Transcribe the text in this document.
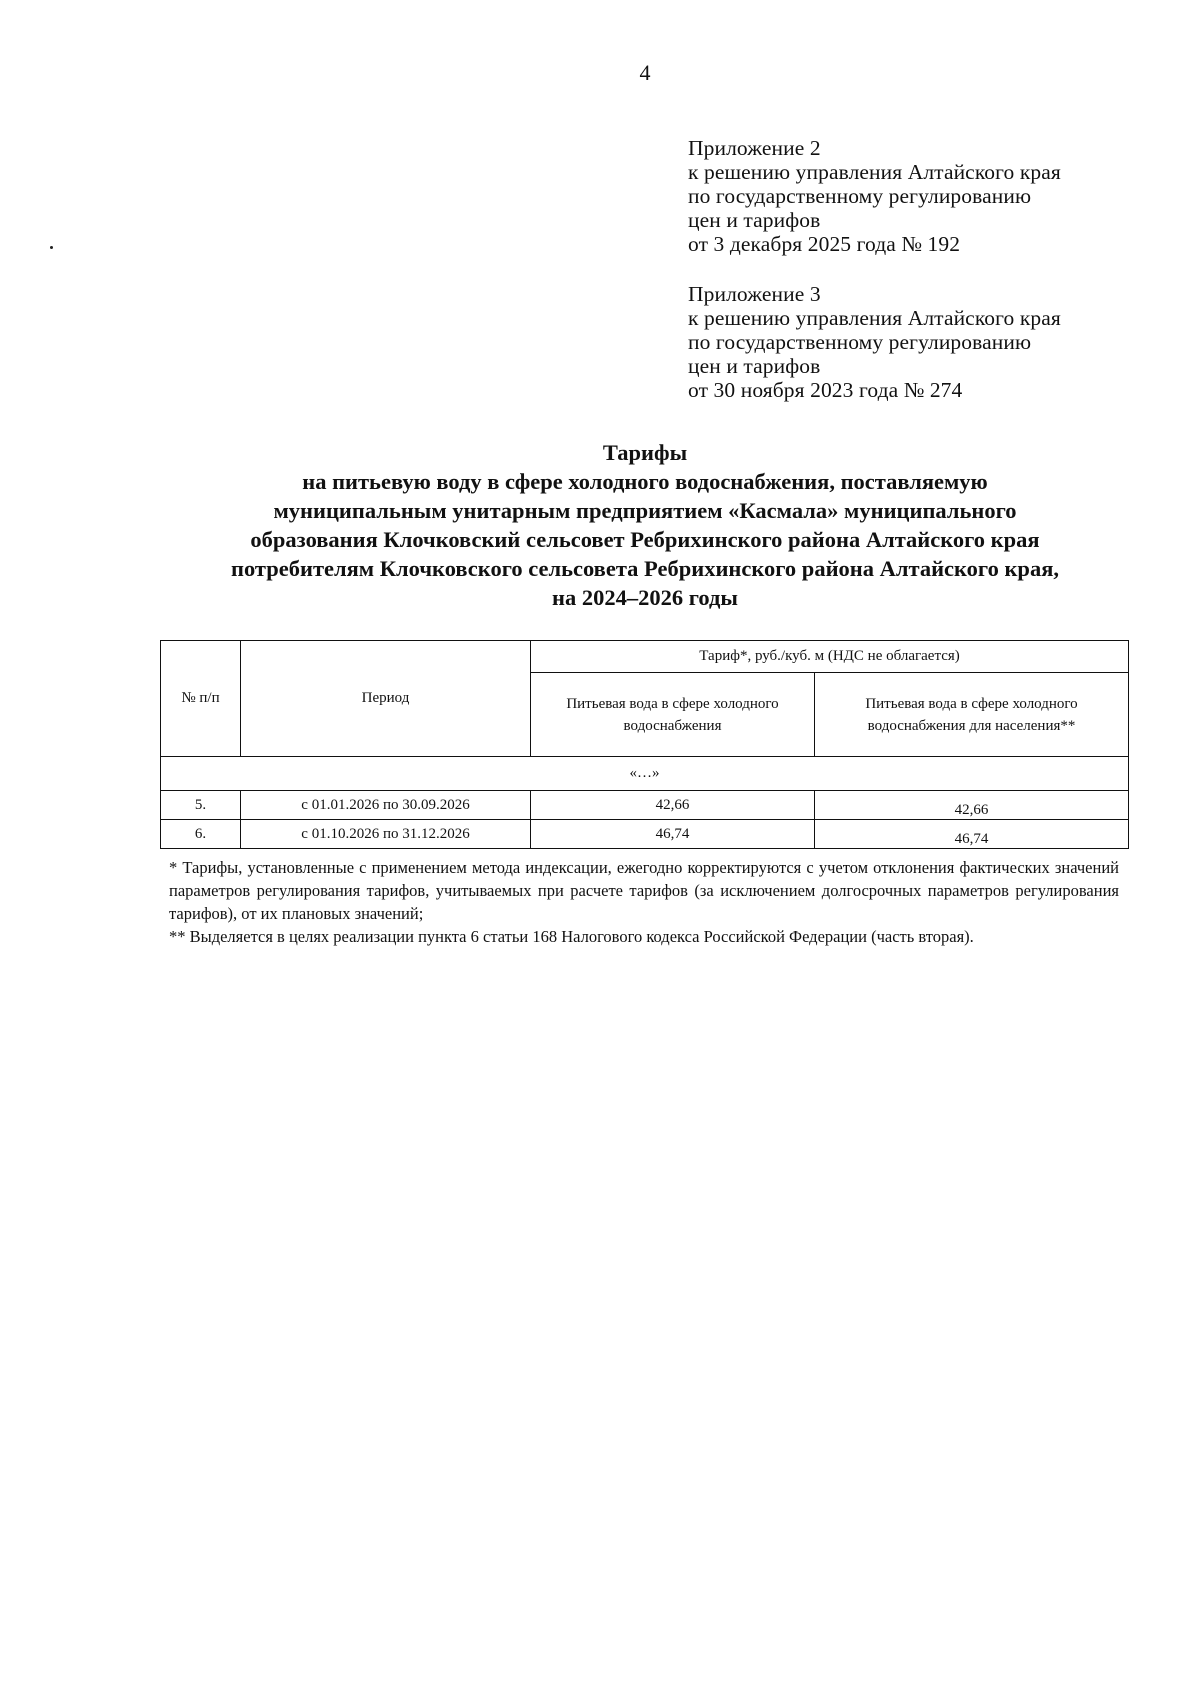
4
Приложение 2
к решению управления Алтайского края
по государственному регулированию
цен и тарифов
от 3 декабря 2025 года № 192
Приложение 3
к решению управления Алтайского края
по государственному регулированию
цен и тарифов
от 30 ноября 2023 года № 274
Тарифы
на питьевую воду в сфере холодного водоснабжения, поставляемую
муниципальным унитарным предприятием «Касмала» муниципального
образования Клочковский сельсовет Ребрихинского района Алтайского края
потребителям Клочковского сельсовета Ребрихинского района Алтайского края,
на 2024–2026 годы
№ п/п	Период	Тариф*, руб./куб. м (НДС не облагается)	
		Питьевая вода в сфере холодного водоснабжения	Питьевая вода в сфере холодного водоснабжения для населения**
«…»			
5.	с 01.01.2026 по 30.09.2026	42,66	42,66
6.	с 01.10.2026 по 31.12.2026	46,74	46,74

* Тарифы, установленные с применением метода индексации, ежегодно корректируются с учетом отклонения фактических значений параметров регулирования тарифов, учитываемых при расчете тарифов (за исключением долгосрочных параметров регулирования тарифов), от их плановых значений;

** Выделяется в целях реализации пункта 6 статьи 168 Налогового кодекса Российской Федерации (часть вторая).
